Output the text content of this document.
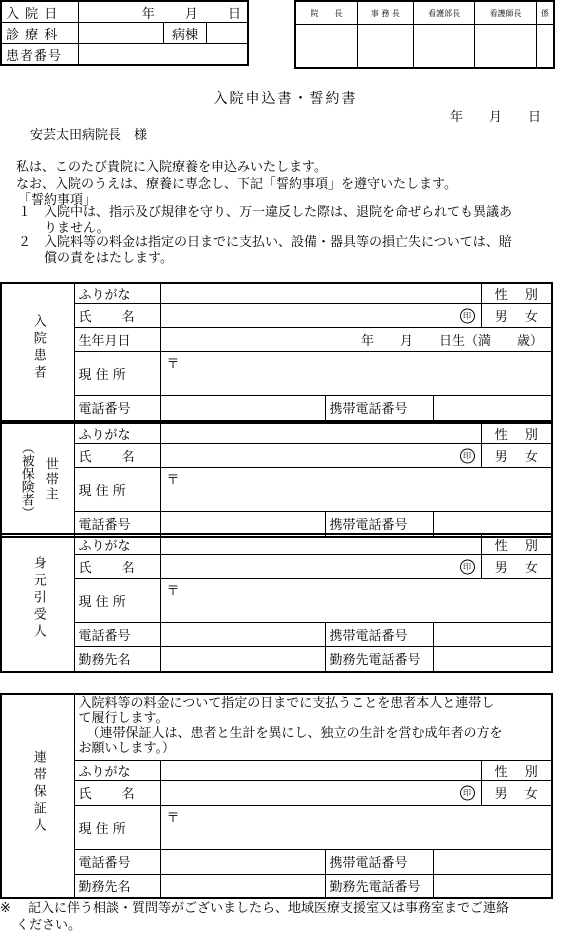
入 院 日	年　　 月　　 日		
診 療 科		病棟	
患者番号			
院　　長	事 務 長	看護部長	看護師長	係

入院申込書・誓約書
年　　月　　日
安芸太田病院長　様
私は、このたび貴院に入院療養を申込みいたします。
なお、入院のうえは、療養に専念し、下記「誓約事項」を遵守いたします。
「誓約事項」
１ 入院中は、指示及び規律を守り、万一違反した際は、退院を命ぜられても異議あ
りません。
２ 入院料等の料金は指定の日までに支払い、設備・器具等の損亡失については、賠
償の責をはたします。
入院患者	ふりがな				性　 別
	氏　　 名	印			男　 女
	生年月日	年　　月　　日生（満　　歳）			
	現 住 所	〒			
	電話番号		携帯電話番号		
世帯主
（被保険者）	ふりがな				性　 別
	氏　　 名	印			男　 女
	現 住 所	〒			
	電話番号		携帯電話番号		
身元引受人	ふりがな				性　 別
	氏　　 名	印			男　 女
	現 住 所	〒			
	電話番号		携帯電話番号		
	勤務先名		勤務先電話番号		
連帯保証人	入院料等の料金について指定の日までに支払うことを患者本人と連帯し
て履行します。
（連帯保証人は、患者と生計を異にし、独立の生計を営む成年者の方を
お願いします。）				

	ふりがな				性　 別
	氏　　 名	印			男　 女
	現 住 所	〒			
	電話番号		携帯電話番号		
	勤務先名		勤務先電話番号		
※ 記入に伴う相談・質問等がございましたら、地域医療支援室又は事務室までご連絡
ください。
